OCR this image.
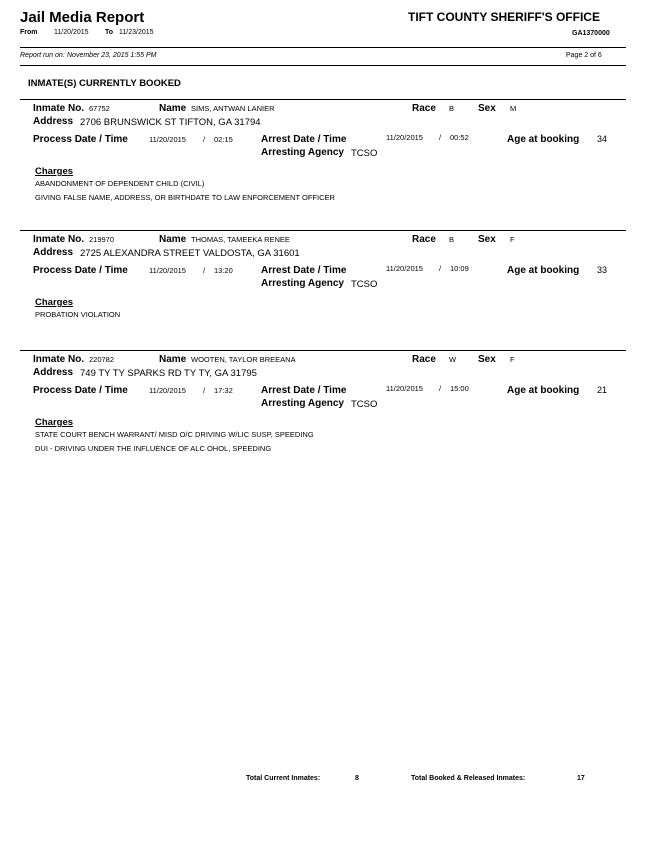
Jail Media Report	TIFT COUNTY SHERIFF'S OFFICE
From 11/20/2015 To 11/23/2015	GA1370000
Report run on: November 23, 2015 1:55 PM	Page 2 of 6
INMATE(S) CURRENTLY BOOKED
Inmate No. 67752	Name SIMS, ANTWAN LANIER	Race B Sex M
Address 2706 BRUNSWICK ST TIFTON, GA 31794
Process Date / Time	11/20/2015 / 02:15	Arrest Date / Time	11/20/2015 / 00:52	Age at booking 34
Arresting Agency TCSO
Charges
ABANDONMENT OF DEPENDENT CHILD (CIVIL)
GIVING FALSE NAME, ADDRESS, OR BIRTHDATE TO LAW ENFORCEMENT OFFICER
Inmate No. 219970	Name THOMAS, TAMEEKA RENEE	Race B Sex F
Address 2725 ALEXANDRA STREET VALDOSTA, GA 31601
Process Date / Time	11/20/2015 / 13:20	Arrest Date / Time	11/20/2015 / 10:09	Age at booking 33
Arresting Agency TCSO
Charges
PROBATION VIOLATION
Inmate No. 220782	Name WOOTEN, TAYLOR BREEANA	Race W Sex F
Address 749 TY TY SPARKS RD TY TY, GA 31795
Process Date / Time	11/20/2015 / 17:32	Arrest Date / Time	11/20/2015 / 15:00	Age at booking 21
Arresting Agency TCSO
Charges
STATE COURT BENCH WARRANT/ MISD O/C DRIVING W/LIC SUSP, SPEEDING
DUI - DRIVING UNDER THE INFLUENCE OF ALC OHOL, SPEEDING
Total Current Inmates:	8	Total Booked & Released Inmates:	17
